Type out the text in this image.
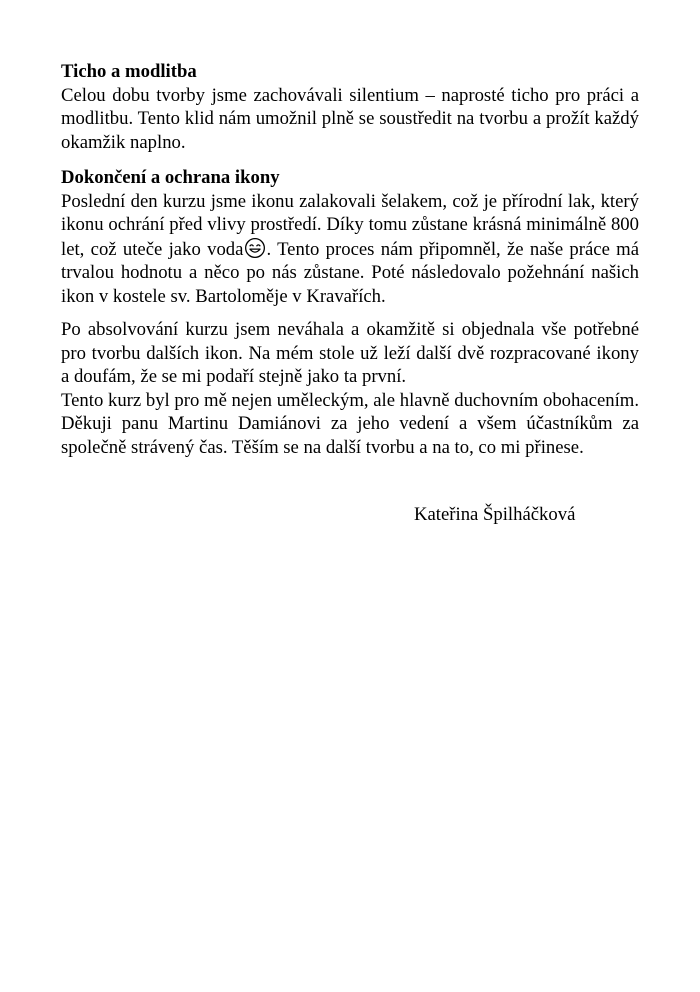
Ticho a modlitba

Celou dobu tvorby jsme zachovávali silentium – naprosté ticho pro práci a modlitbu. Tento klid nám umožnil plně se soustředit na tvorbu a prožít každý okamžik naplno.

Dokončení a ochrana ikony

Poslední den kurzu jsme ikonu zalakovali šelakem, což je přírodní lak, který ikonu ochrání před vlivy prostředí. Díky tomu zůstane krásná minimálně 800 let, což uteče jako voda . Tento proces nám připomněl, že naše práce má trvalou hodnotu a něco po nás zůstane. Poté následovalo požehnání našich ikon v kostele sv. Bartoloměje v Kravařích.

Po absolvování kurzu jsem neváhala a okamžitě si objednala vše potřebné pro tvorbu dalších ikon. Na mém stole už leží další dvě rozpracované ikony a doufám, že se mi podaří stejně jako ta první.

Tento kurz byl pro mě nejen uměleckým, ale hlavně duchovním obohacením. Děkuji panu Martinu Damiánovi za jeho vedení a všem účastníkům za společně strávený čas. Těším se na další tvorbu a na to, co mi přinese.

Kateřina Špilháčková
